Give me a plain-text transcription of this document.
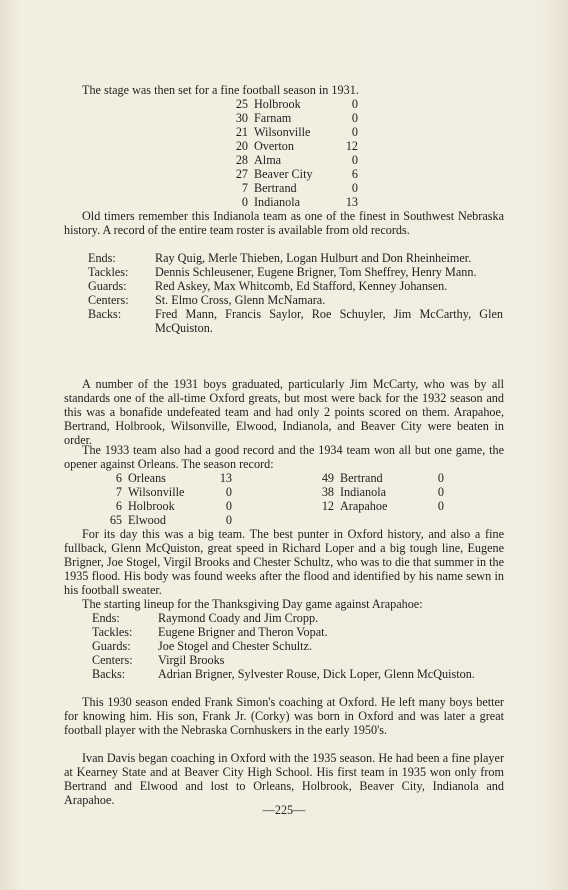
The stage was then set for a fine football season in 1931.

25	Holbrook	0
30	Farnam	0
21	Wilsonville	0
20	Overton	12
28	Alma	0
27	Beaver City	6
7	Bertrand	0
0	Indianola	13

Old timers remember this Indianola team as one of the finest in Southwest Nebraska history. A record of the entire team roster is available from old records.

Ends:	Ray Quig, Merle Thieben, Logan Hulburt and Don Rheinheimer.
Tackles:	Dennis Schleusener, Eugene Brigner, Tom Sheffrey, Henry Mann.
Guards:	Red Askey, Max Whitcomb, Ed Stafford, Kenney Johansen.
Centers:	St. Elmo Cross, Glenn McNamara.
Backs:	Fred Mann, Francis Saylor, Roe Schuyler, Jim McCarthy, Glen McQuiston.

A number of the 1931 boys graduated, particularly Jim McCarty, who was by all standards one of the all-time Oxford greats, but most were back for the 1932 season and this was a bonafide undefeated team and had only 2 points scored on them. Arapahoe, Bertrand, Holbrook, Wilsonville, Elwood, Indianola, and Beaver City were beaten in order.

The 1933 team also had a good record and the 1934 team won all but one game, the opener against Orleans. The season record:

6	Orleans	13
7	Wilsonville	0
6	Holbrook	0
65	Elwood	0
49	Bertrand	0
38	Indianola	0
12	Arapahoe	0

For its day this was a big team. The best punter in Oxford history, and also a fine fullback, Glenn McQuiston, great speed in Richard Loper and a big tough line, Eugene Brigner, Joe Stogel, Virgil Brooks and Chester Schultz, who was to die that summer in the 1935 flood. His body was found weeks after the flood and identified by his name sewn in his football sweater.

The starting lineup for the Thanksgiving Day game against Arapahoe:

Ends:	Raymond Coady and Jim Cropp.
Tackles:	Eugene Brigner and Theron Vopat.
Guards:	Joe Stogel and Chester Schultz.
Centers:	Virgil Brooks
Backs:	Adrian Brigner, Sylvester Rouse, Dick Loper, Glenn McQuiston.

This 1930 season ended Frank Simon's coaching at Oxford. He left many boys better for knowing him. His son, Frank Jr. (Corky) was born in Oxford and was later a great football player with the Nebraska Cornhuskers in the early 1950's.

Ivan Davis began coaching in Oxford with the 1935 season. He had been a fine player at Kearney State and at Beaver City High School. His first team in 1935 won only from Bertrand and Elwood and lost to Orleans, Holbrook, Beaver City, Indianola and Arapahoe.

—225—
